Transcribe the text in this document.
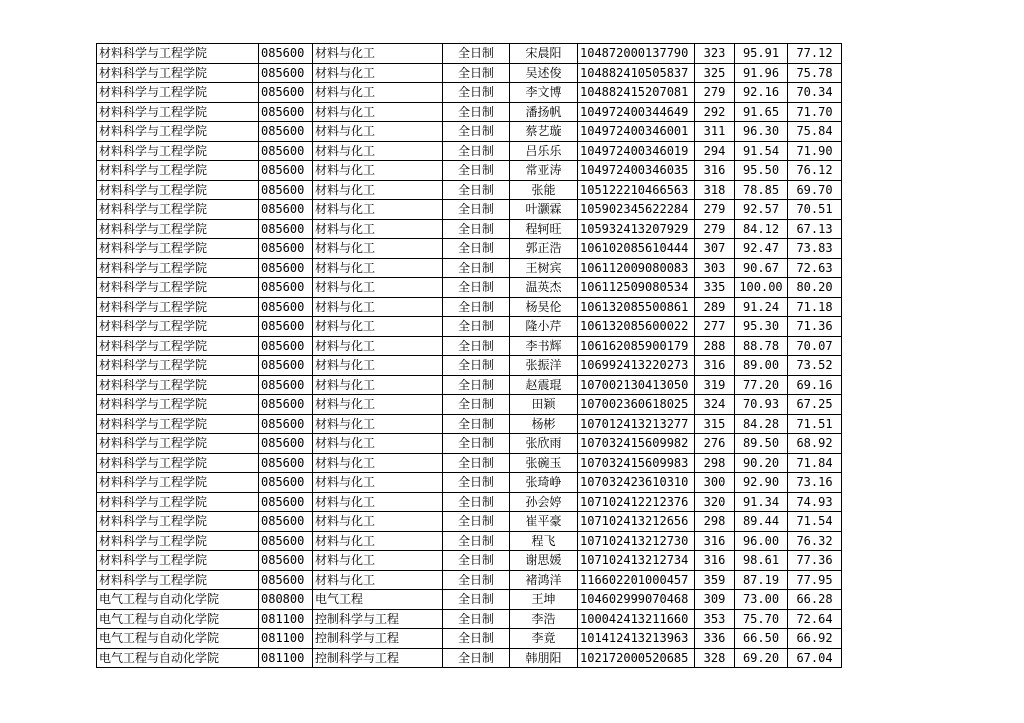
材料科学与工程学院	085600	材料与化工	全日制	宋晨阳	104872000137790	323	95.91	77.12
材料科学与工程学院	085600	材料与化工	全日制	吴述俊	104882410505837	325	91.96	75.78
材料科学与工程学院	085600	材料与化工	全日制	李文博	104882415207081	279	92.16	70.34
材料科学与工程学院	085600	材料与化工	全日制	潘扬帆	104972400344649	292	91.65	71.70
材料科学与工程学院	085600	材料与化工	全日制	蔡艺璇	104972400346001	311	96.30	75.84
材料科学与工程学院	085600	材料与化工	全日制	吕乐乐	104972400346019	294	91.54	71.90
材料科学与工程学院	085600	材料与化工	全日制	常亚涛	104972400346035	316	95.50	76.12
材料科学与工程学院	085600	材料与化工	全日制	张能	105122210466563	318	78.85	69.70
材料科学与工程学院	085600	材料与化工	全日制	叶灏霖	105902345622284	279	92.57	70.51
材料科学与工程学院	085600	材料与化工	全日制	程轲旺	105932413207929	279	84.12	67.13
材料科学与工程学院	085600	材料与化工	全日制	郭正浩	106102085610444	307	92.47	73.83
材料科学与工程学院	085600	材料与化工	全日制	王树宾	106112009080083	303	90.67	72.63
材料科学与工程学院	085600	材料与化工	全日制	温英杰	106112509080534	335	100.00	80.20
材料科学与工程学院	085600	材料与化工	全日制	杨昊伦	106132085500861	289	91.24	71.18
材料科学与工程学院	085600	材料与化工	全日制	隆小芹	106132085600022	277	95.30	71.36
材料科学与工程学院	085600	材料与化工	全日制	李书辉	106162085900179	288	88.78	70.07
材料科学与工程学院	085600	材料与化工	全日制	张振洋	106992413220273	316	89.00	73.52
材料科学与工程学院	085600	材料与化工	全日制	赵震琨	107002130413050	319	77.20	69.16
材料科学与工程学院	085600	材料与化工	全日制	田颖	107002360618025	324	70.93	67.25
材料科学与工程学院	085600	材料与化工	全日制	杨彬	107012413213277	315	84.28	71.51
材料科学与工程学院	085600	材料与化工	全日制	张欣雨	107032415609982	276	89.50	68.92
材料科学与工程学院	085600	材料与化工	全日制	张碗玉	107032415609983	298	90.20	71.84
材料科学与工程学院	085600	材料与化工	全日制	张琦峥	107032423610310	300	92.90	73.16
材料科学与工程学院	085600	材料与化工	全日制	孙会婷	107102412212376	320	91.34	74.93
材料科学与工程学院	085600	材料与化工	全日制	崔平豪	107102413212656	298	89.44	71.54
材料科学与工程学院	085600	材料与化工	全日制	程飞	107102413212730	316	96.00	76.32
材料科学与工程学院	085600	材料与化工	全日制	谢思媛	107102413212734	316	98.61	77.36
材料科学与工程学院	085600	材料与化工	全日制	褚鸿洋	116602201000457	359	87.19	77.95
电气工程与自动化学院	080800	电气工程	全日制	王坤	104602999070468	309	73.00	66.28
电气工程与自动化学院	081100	控制科学与工程	全日制	李浩	100042413211660	353	75.70	72.64
电气工程与自动化学院	081100	控制科学与工程	全日制	李竟	101412413213963	336	66.50	66.92
电气工程与自动化学院	081100	控制科学与工程	全日制	韩朋阳	102172000520685	328	69.20	67.04
